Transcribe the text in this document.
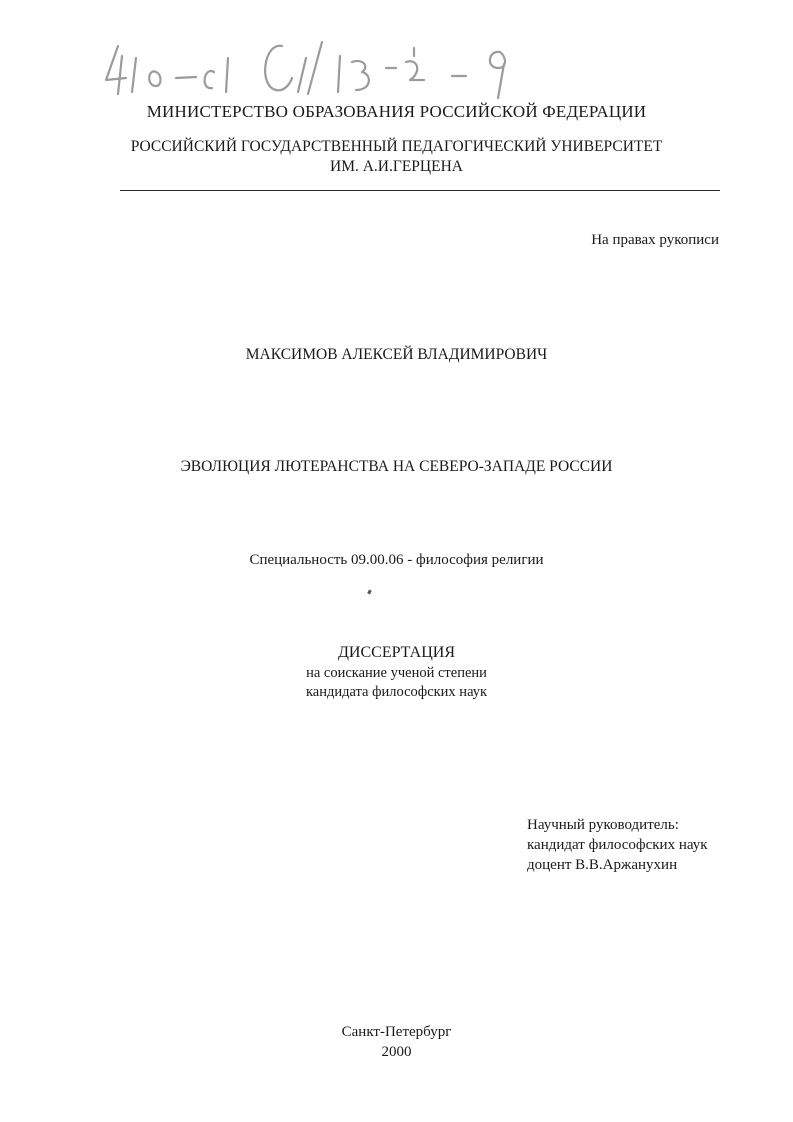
МИНИСТЕРСТВО ОБРАЗОВАНИЯ РОССИЙСКОЙ ФЕДЕРАЦИИ
РОССИЙСКИЙ ГОСУДАРСТВЕННЫЙ ПЕДАГОГИЧЕСКИЙ УНИВЕРСИТЕТ
ИМ. А.И.ГЕРЦЕНА
На правах рукописи
МАКСИМОВ АЛЕКСЕЙ ВЛАДИМИРОВИЧ
ЭВОЛЮЦИЯ ЛЮТЕРАНСТВА НА СЕВЕРО-ЗАПАДЕ РОССИИ
Специальность 09.00.06 - философия религии
ДИССЕРТАЦИЯ
на соискание ученой степени
кандидата философских наук
Научный руководитель:
кандидат философских наук
доцент В.В.Аржанухин
Санкт-Петербург
2000
